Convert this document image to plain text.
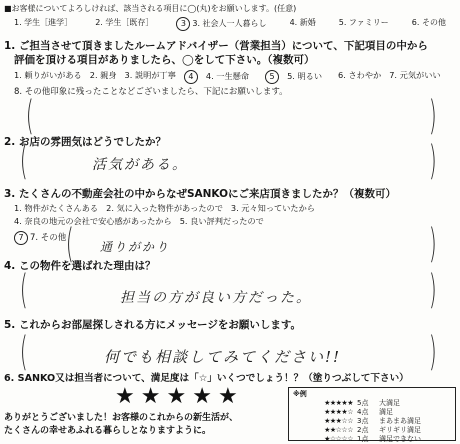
■お客様についてよろしければ、該当される項目に◯(丸)をお願いします。(任意)
1. 学生［進学］	2. 学生［既存］	3 3. 社会人一人暮らし	4. 新婚	5. ファミリー	6. その他
1. ご担当させて頂きましたルームアドバイザー（営業担当）について、下記項目の中から
評価を頂ける項目がありましたら、◯をして下さい。（複数可）
1. 頼りがいがある 2. 親身 3. 説明が丁寧	4 4. 一生懸命	5 5. 明るい	6. さわやか 7. 元気がいい
8. その他印象に残ったことなどございましたら、下記にお願いします。
(	)
2. お店の雰囲気はどうでしたか？
(	活気がある。	)
3. たくさんの不動産会社の中からなぜSANKOにご来店頂きましたか？（複数可）
1. 物件がたくさんある 2. 気に入った物件があったので 3. 元々知っていたから
4. 奈良の地元の会社で安心感があったから 5. 良い評判だったので
7 7. その他 ( 通りがかり	)
4. この物件を選ばれた理由は？
(	担当の方が良い方だった。	)
5. これからお部屋探しされる方にメッセージをお願いします。
(	何でも相談してみてください!! )
6. SANKO又は担当者について、満足度は「☆」いくつでしょう！？（塗りつぶして下さい）
★★★★★	※例
★★★★★ 5点	大満足
★★★★☆ 4点	満足
★★★☆☆ 3点	まあまあ満足
★★☆☆☆ 2点	ギリギリ満足
★☆☆☆☆ 1点	満足できない
ありがとうございました！お客様のこれからの新生活が、
たくさんの幸せあふれる暮らしとなりますように。
